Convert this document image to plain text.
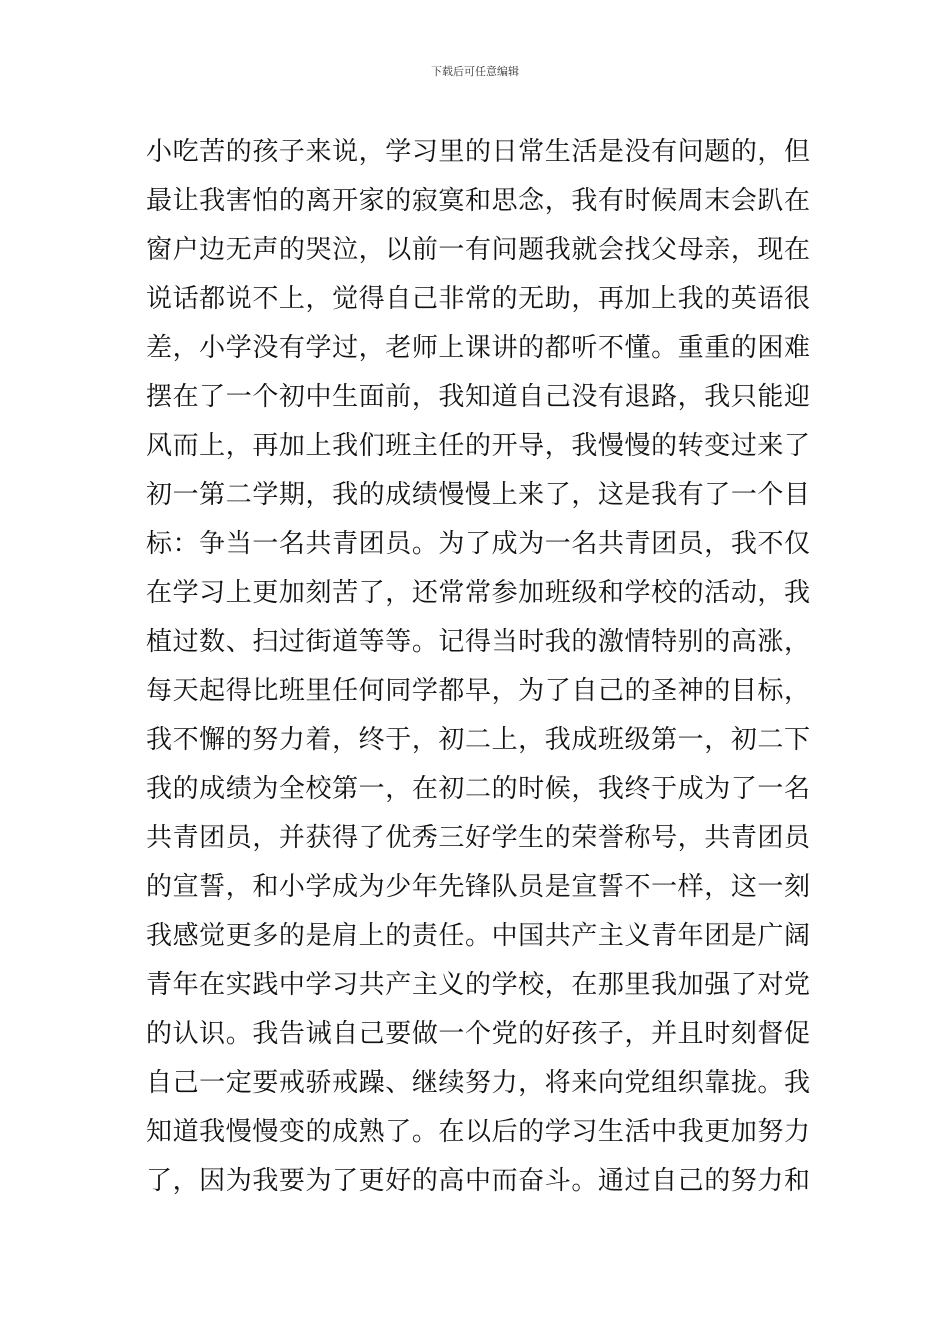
下载后可任意编辑
小吃苦的孩子来说，学习里的日常生活是没有问题的，但
最让我害怕的离开家的寂寞和思念，我有时候周末会趴在
窗户边无声的哭泣，以前一有问题我就会找父母亲，现在
说话都说不上，觉得自己非常的无助，再加上我的英语很
差，小学没有学过，老师上课讲的都听不懂。重重的困难
摆在了一个初中生面前，我知道自己没有退路，我只能迎
风而上，再加上我们班主任的开导，我慢慢的转变过来了
初一第二学期，我的成绩慢慢上来了，这是我有了一个目
标：争当一名共青团员。为了成为一名共青团员，我不仅
在学习上更加刻苦了，还常常参加班级和学校的活动，我
植过数、扫过街道等等。记得当时我的激情特别的高涨，
每天起得比班里任何同学都早，为了自己的圣神的目标，
我不懈的努力着，终于，初二上，我成班级第一，初二下
我的成绩为全校第一，在初二的时候，我终于成为了一名
共青团员，并获得了优秀三好学生的荣誉称号，共青团员
的宣誓，和小学成为少年先锋队员是宣誓不一样，这一刻
我感觉更多的是肩上的责任。中国共产主义青年团是广阔
青年在实践中学习共产主义的学校，在那里我加强了对党
的认识。我告诫自己要做一个党的好孩子，并且时刻督促
自己一定要戒骄戒躁、继续努力，将来向党组织靠拢。我
知道我慢慢变的成熟了。在以后的学习生活中我更加努力
了，因为我要为了更好的高中而奋斗。通过自己的努力和
